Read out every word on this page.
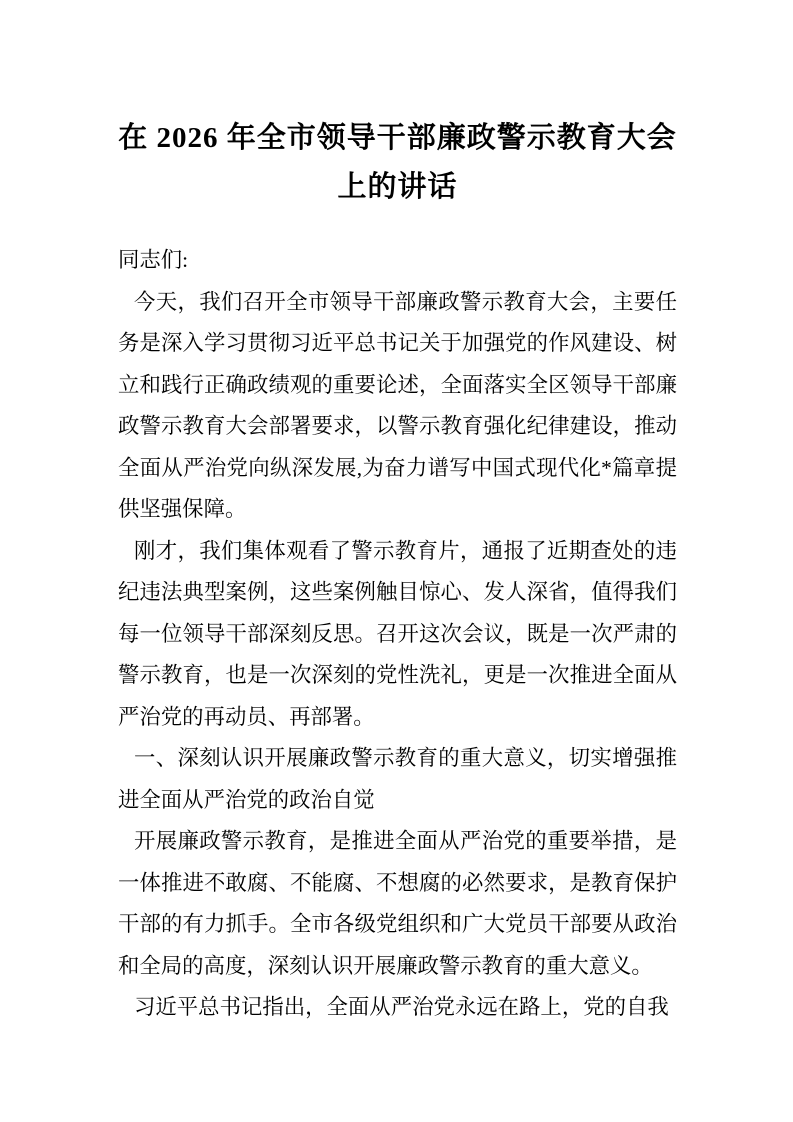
在 2026 年全市领导干部廉政警示教育大会
上的讲话

同志们:

今天，我们召开全市领导干部廉政警示教育大会，主要任务是深入学习贯彻习近平总书记关于加强党的作风建设、树立和践行正确政绩观的重要论述，全面落实全区领导干部廉政警示教育大会部署要求，以警示教育强化纪律建设，推动全面从严治党向纵深发展,为奋力谱写中国式现代化*篇章提供坚强保障。

刚才，我们集体观看了警示教育片，通报了近期查处的违纪违法典型案例，这些案例触目惊心、发人深省，值得我们每一位领导干部深刻反思。召开这次会议，既是一次严肃的警示教育，也是一次深刻的党性洗礼，更是一次推进全面从严治党的再动员、再部署。

一、深刻认识开展廉政警示教育的重大意义，切实增强推进全面从严治党的政治自觉

开展廉政警示教育，是推进全面从严治党的重要举措，是一体推进不敢腐、不能腐、不想腐的必然要求，是教育保护干部的有力抓手。全市各级党组织和广大党员干部要从政治和全局的高度，深刻认识开展廉政警示教育的重大意义。

习近平总书记指出，全面从严治党永远在路上，党的自我
